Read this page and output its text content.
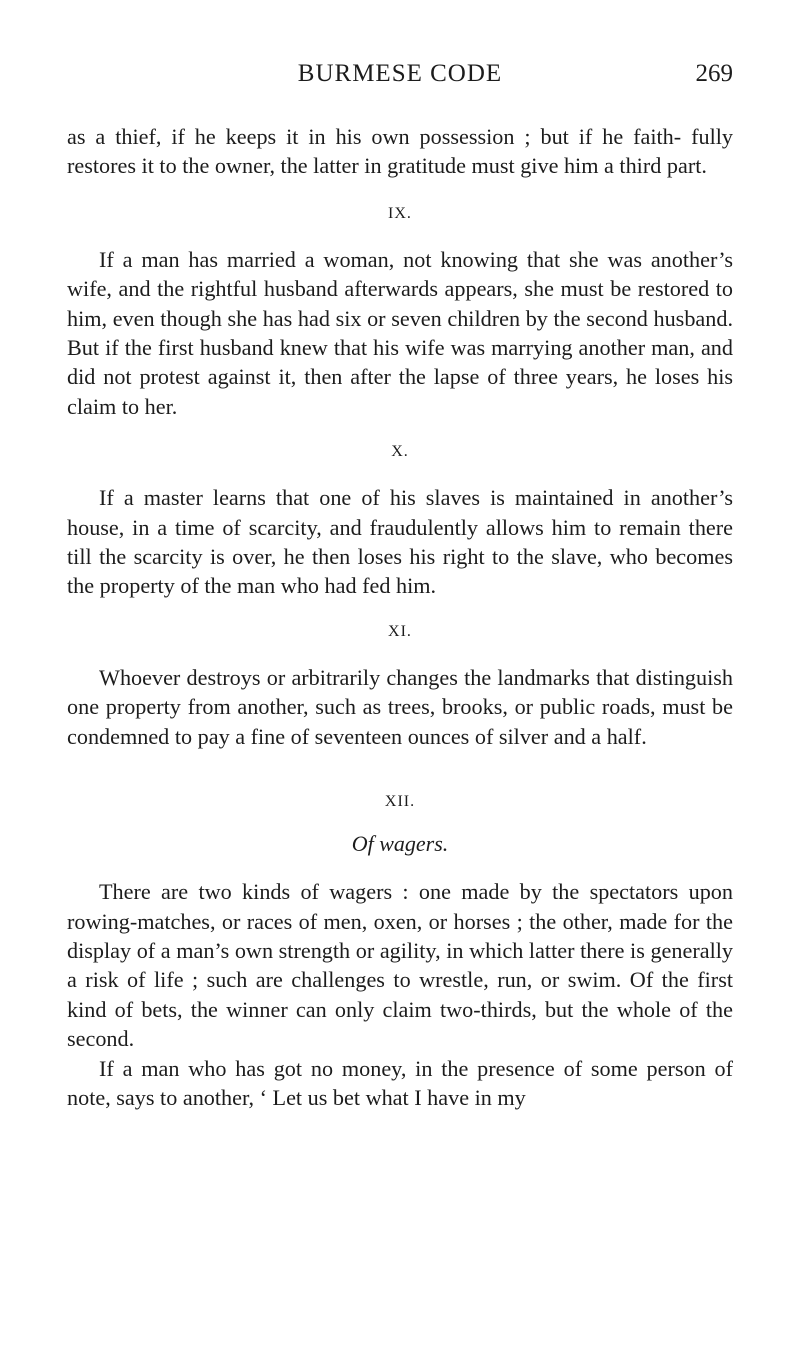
BURMESE CODE	269

as a thief, if he keeps it in his own possession ; but if he faith- fully restores it to the owner, the latter in gratitude must give him a third part.

IX.

If a man has married a woman, not knowing that she was another’s wife, and the rightful husband afterwards appears, she must be restored to him, even though she has had six or seven children by the second husband. But if the first husband knew that his wife was marrying another man, and did not protest against it, then after the lapse of three years, he loses his claim to her.

X.

If a master learns that one of his slaves is maintained in another’s house, in a time of scarcity, and fraudulently allows him to remain there till the scarcity is over, he then loses his right to the slave, who becomes the property of the man who had fed him.

XI.

Whoever destroys or arbitrarily changes the landmarks that distinguish one property from another, such as trees, brooks, or public roads, must be condemned to pay a fine of seventeen ounces of silver and a half.

XII.

Of wagers.

There are two kinds of wagers : one made by the spectators upon rowing-matches, or races of men, oxen, or horses ; the other, made for the display of a man’s own strength or agility, in which latter there is generally a risk of life ; such are challenges to wrestle, run, or swim. Of the first kind of bets, the winner can only claim two-thirds, but the whole of the second.

If a man who has got no money, in the presence of some person of note, says to another, ‘ Let us bet what I have in my
